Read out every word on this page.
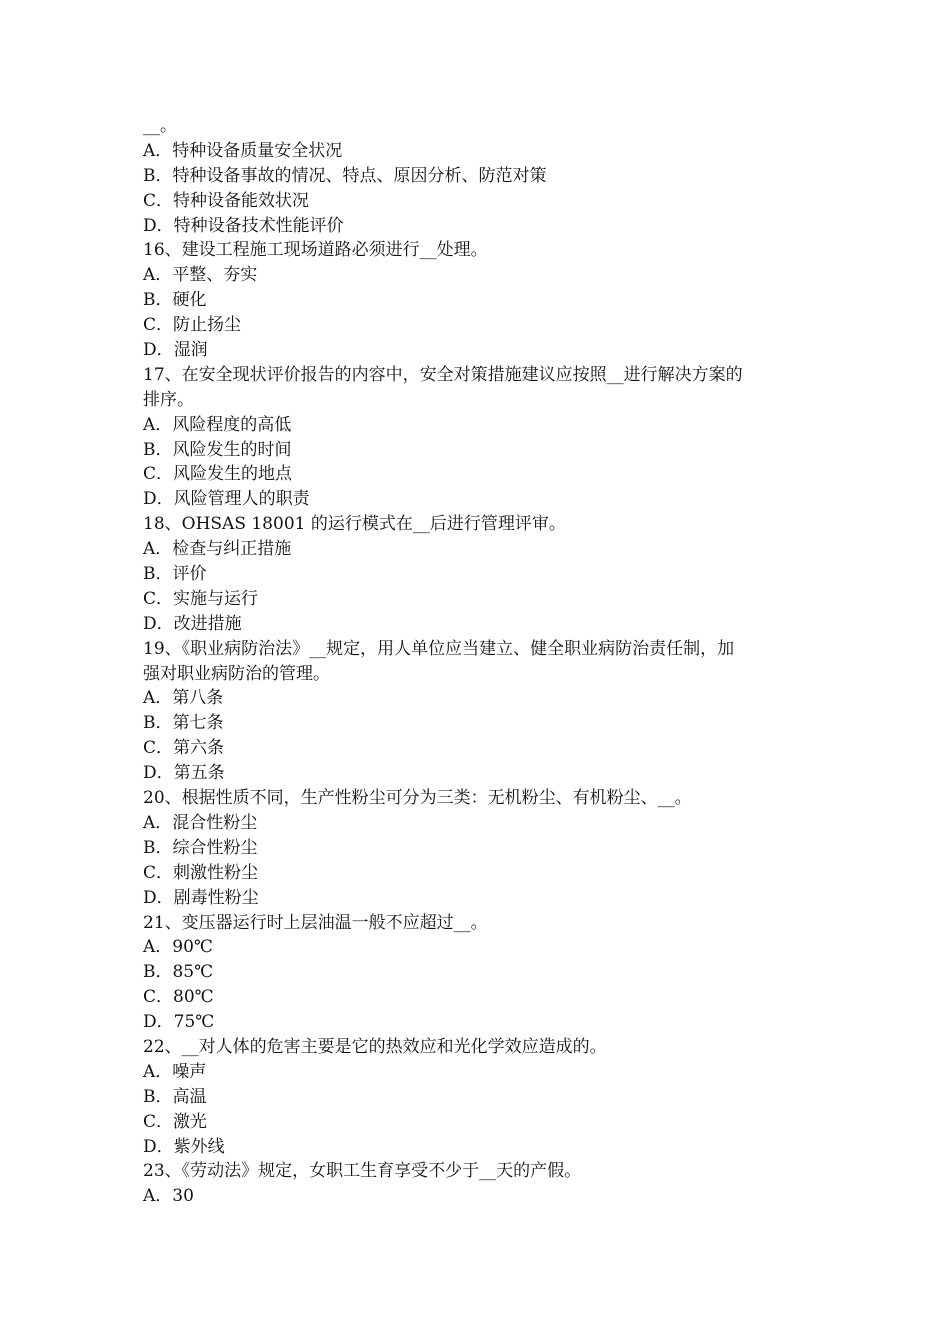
__。
A．特种设备质量安全状况
B．特种设备事故的情况、特点、原因分析、防范对策
C．特种设备能效状况
D．特种设备技术性能评价
16、建设工程施工现场道路必须进行__处理。
A．平整、夯实
B．硬化
C．防止扬尘
D．湿润
17、在安全现状评价报告的内容中，安全对策措施建议应按照__进行解决方案的
排序。
A．风险程度的高低
B．风险发生的时间
C．风险发生的地点
D．风险管理人的职责
18、OHSAS 18001 的运行模式在__后进行管理评审。
A．检查与纠正措施
B．评价
C．实施与运行
D．改进措施
19、《职业病防治法》__规定，用人单位应当建立、健全职业病防治责任制，加
强对职业病防治的管理。
A．第八条
B．第七条
C．第六条
D．第五条
20、根据性质不同，生产性粉尘可分为三类：无机粉尘、有机粉尘、__。
A．混合性粉尘
B．综合性粉尘
C．刺激性粉尘
D．剧毒性粉尘
21、变压器运行时上层油温一般不应超过__。
A．90℃
B．85℃
C．80℃
D．75℃
22、__对人体的危害主要是它的热效应和光化学效应造成的。
A．噪声
B．高温
C．激光
D．紫外线
23、《劳动法》规定，女职工生育享受不少于__天的产假。
A．30
